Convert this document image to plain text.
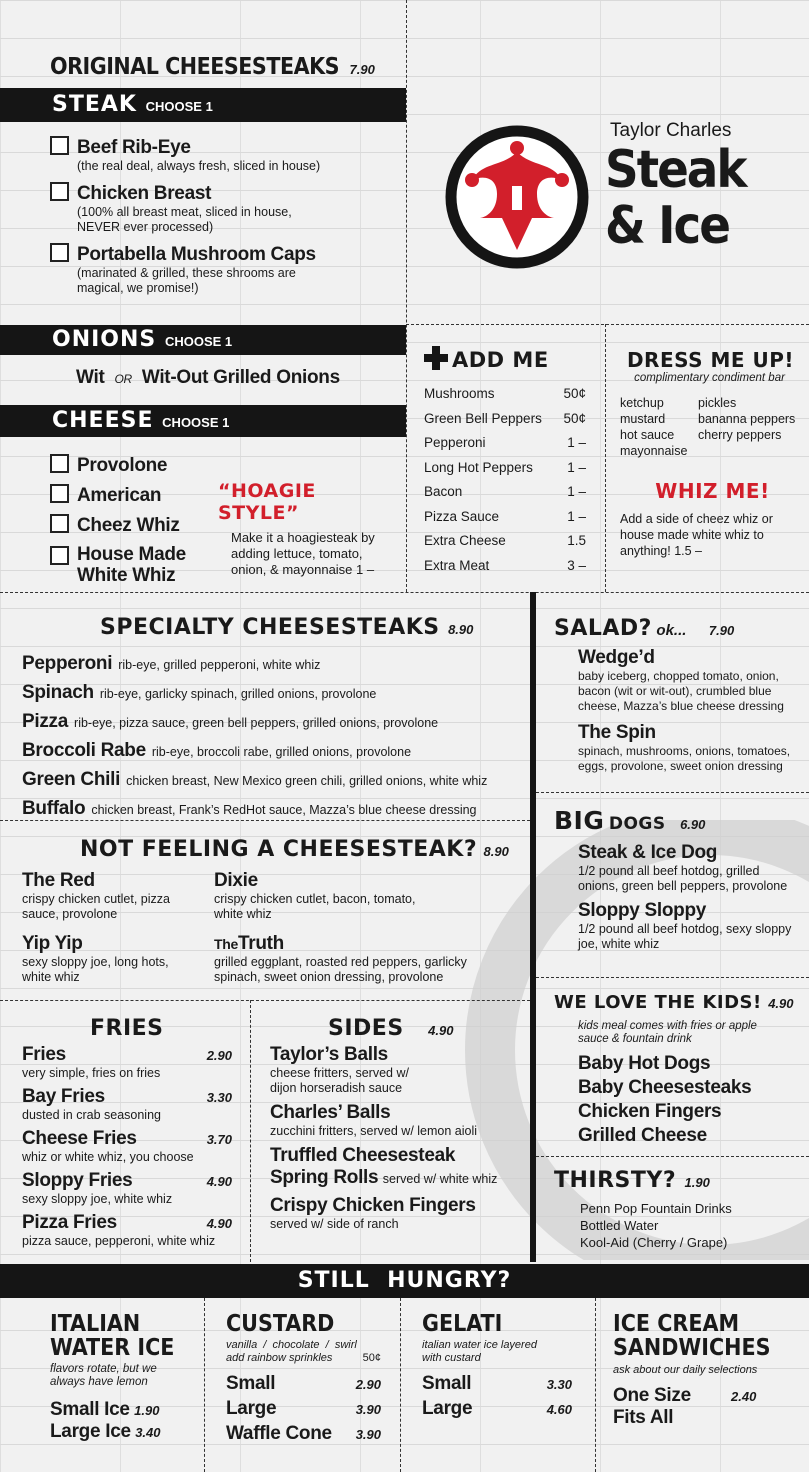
ORIGINAL CHEESESTEAKS 7.90
STEAK CHOOSE 1
Beef Rib-Eye
(the real deal, always fresh, sliced in house)
Chicken Breast
(100% all breast meat, sliced in house, NEVER ever processed)
Portabella Mushroom Caps
(marinated & grilled, these shrooms are magical, we promise!)
ONIONS CHOOSE 1
Wit OR Wit-Out Grilled Onions
CHEESE CHOOSE 1
Provolone
American
Cheez Whiz
House Made White Whiz
“HOAGIE STYLE”
Make it a hoagiesteak by adding lettuce, tomato, onion, & mayonnaise 1 –
Taylor Charles
Steak
& Ice
ADD ME
Mushrooms	50¢
Green Bell Peppers 50¢
Pepperoni	1 –
Long Hot Peppers	1 –
Bacon	1 –
Pizza Sauce	1 –
Extra Cheese	1.5
Extra Meat	3 –
DRESS ME UP!
complimentary condiment bar
ketchup
mustard
hot sauce
mayonnaise
pickles
bananna peppers
cherry peppers
WHIZ ME!
Add a side of cheez whiz or house made white whiz to anything! 1.5 –
SPECIALTY CHEESESTEAKS 8.90
Pepperoni rib-eye, grilled pepperoni, white whiz
Spinach rib-eye, garlicky spinach, grilled onions, provolone
Pizza rib-eye, pizza sauce, green bell peppers, grilled onions, provolone
Broccoli Rabe rib-eye, broccoli rabe, grilled onions, provolone
Green Chili chicken breast, New Mexico green chili, grilled onions, white whiz
Buffalo chicken breast, Frank’s RedHot sauce, Mazza’s blue cheese dressing
NOT FEELING A CHEESESTEAK? 8.90
The Red
crispy chicken cutlet, pizza sauce, provolone
Dixie
crispy chicken cutlet, bacon, tomato, white whiz
Yip Yip
sexy sloppy joe, long hots, white whiz
TheTruth
grilled eggplant, roasted red peppers, garlicky spinach, sweet onion dressing, provolone
FRIES
Fries	2.90
very simple, fries on fries
Bay Fries	3.30
dusted in crab seasoning
Cheese Fries	3.70
whiz or white whiz, you choose
Sloppy Fries	4.90
sexy sloppy joe, white whiz
Pizza Fries	4.90
pizza sauce, pepperoni, white whiz
SIDES 4.90
Taylor’s Balls
cheese fritters, served w/ dijon horseradish sauce
Charles’ Balls
zucchini fritters, served w/ lemon aioli
Truffled Cheesesteak
Spring Rolls served w/ white whiz
Crispy Chicken Fingers
served w/ side of ranch
SALAD? ok... 7.90
Wedge’d
baby iceberg, chopped tomato, onion, bacon (wit or wit-out), crumbled blue cheese, Mazza’s blue cheese dressing
The Spin
spinach, mushrooms, onions, tomatoes, eggs, provolone, sweet onion dressing
BIG DOGS 6.90
Steak & Ice Dog
1/2 pound all beef hotdog, grilled onions, green bell peppers, provolone
Sloppy Sloppy
1/2 pound all beef hotdog, sexy sloppy joe, white whiz
WE LOVE THE KIDS! 4.90
kids meal comes with fries or apple sauce & fountain drink
Baby Hot Dogs
Baby Cheesesteaks
Chicken Fingers
Grilled Cheese
THIRSTY? 1.90
Penn Pop Fountain Drinks
Bottled Water
Kool-Aid (Cherry / Grape)
STILL  HUNGRY?
ITALIAN
WATER ICE
flavors rotate, but we always have lemon
Small Ice 1.90
Large Ice 3.40
CUSTARD
vanilla  /  chocolate  /  swirl
add rainbow sprinkles	50¢
Small	2.90
Large	3.90
Waffle Cone 3.90
GELATI
italian water ice layered with custard
Small	3.30
Large	4.60
ICE CREAM
SANDWICHES
ask about our daily selections
One Size
Fits All
2.40
